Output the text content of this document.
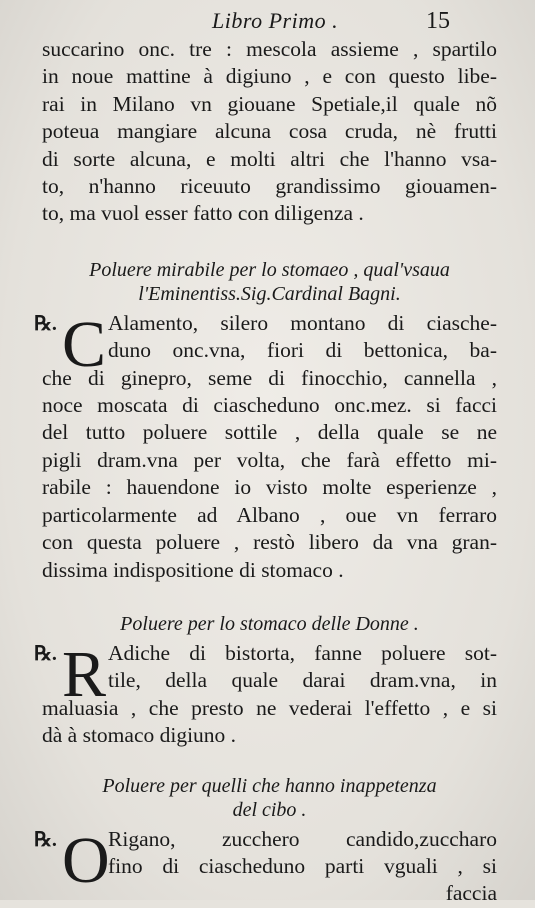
Libro Primo .	15
succarino onc. tre : mescola assieme , spartilo
in noue mattine à digiuno , e con questo libe-
rai in Milano vn giouane Spetiale,il quale nõ
poteua mangiare alcuna cosa cruda, nè frutti
di sorte alcuna, e molti altri che l'hanno vsa-
to, n'hanno riceuuto grandissimo giouamen-
to, ma vuol esser fatto con diligenza .
Poluere mirabile per lo stomaeo , qual'vsaua
l'Eminentiss.Sig.Cardinal Bagni.
℞. C Alamento, silero montano di ciasche-
duno onc.vna, fiori di bettonica, ba-
che di ginepro, seme di finocchio, cannella ,
noce moscata di ciascheduno onc.mez. si facci
del tutto poluere sottile , della quale se ne
pigli dram.vna per volta, che farà effetto mi-
rabile : hauendone io visto molte esperienze ,
particolarmente ad Albano , oue vn ferraro
con questa poluere , restò libero da vna gran-
dissima indispositione di stomaco .
Poluere per lo stomaco delle Donne .
℞. R Adiche di bistorta, fanne poluere sot-
tile, della quale darai dram.vna, in
maluasia , che presto ne vederai l'effetto , e si
dà à stomaco digiuno .
Poluere per quelli che hanno inappetenza
del cibo .
℞. O
Rigano, zucchero candido,zuccharo
fino di ciascheduno parti vguali , si
faccia
